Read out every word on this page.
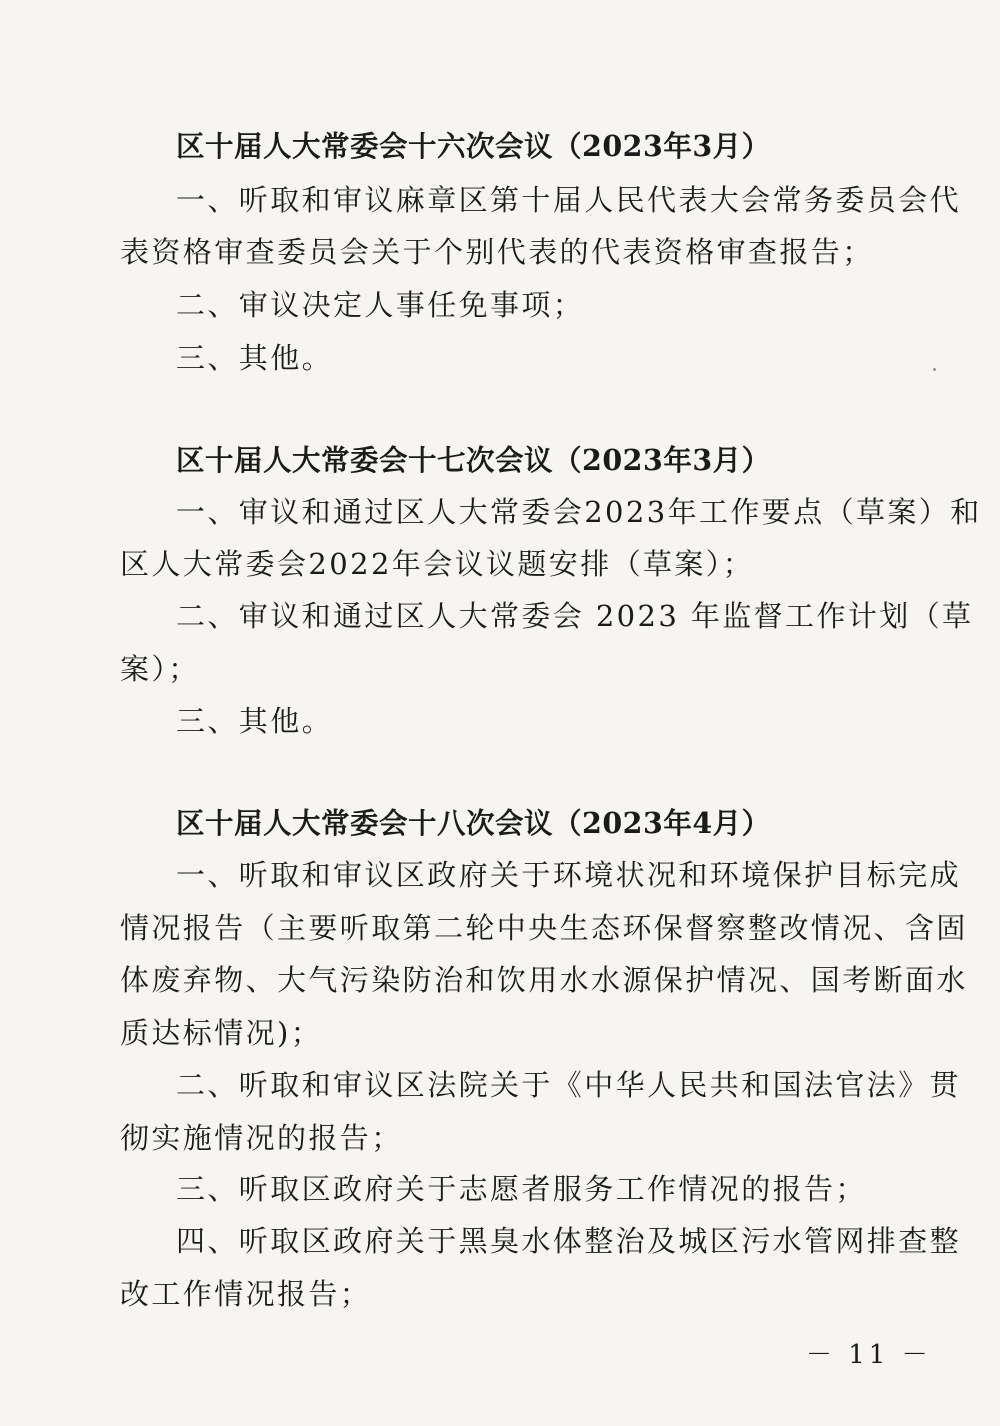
区十届人大常委会十六次会议（2023年3月）
一、听取和审议麻章区第十届人民代表大会常务委员会代
表资格审查委员会关于个别代表的代表资格审查报告；
二、审议决定人事任免事项；
三、其他。
区十届人大常委会十七次会议（2023年3月）
一、审议和通过区人大常委会2023年工作要点（草案）和
区人大常委会2022年会议议题安排（草案）；
二、审议和通过区人大常委会 2023 年监督工作计划（草
案）；
三、其他。
区十届人大常委会十八次会议（2023年4月）
一、听取和审议区政府关于环境状况和环境保护目标完成
情况报告（主要听取第二轮中央生态环保督察整改情况、含固
体废弃物、大气污染防治和饮用水水源保护情况、国考断面水
质达标情况)；
二、听取和审议区法院关于《中华人民共和国法官法》贯
彻实施情况的报告；
三、听取区政府关于志愿者服务工作情况的报告；
四、听取区政府关于黑臭水体整治及城区污水管网排查整
改工作情况报告；
－ 11 －
